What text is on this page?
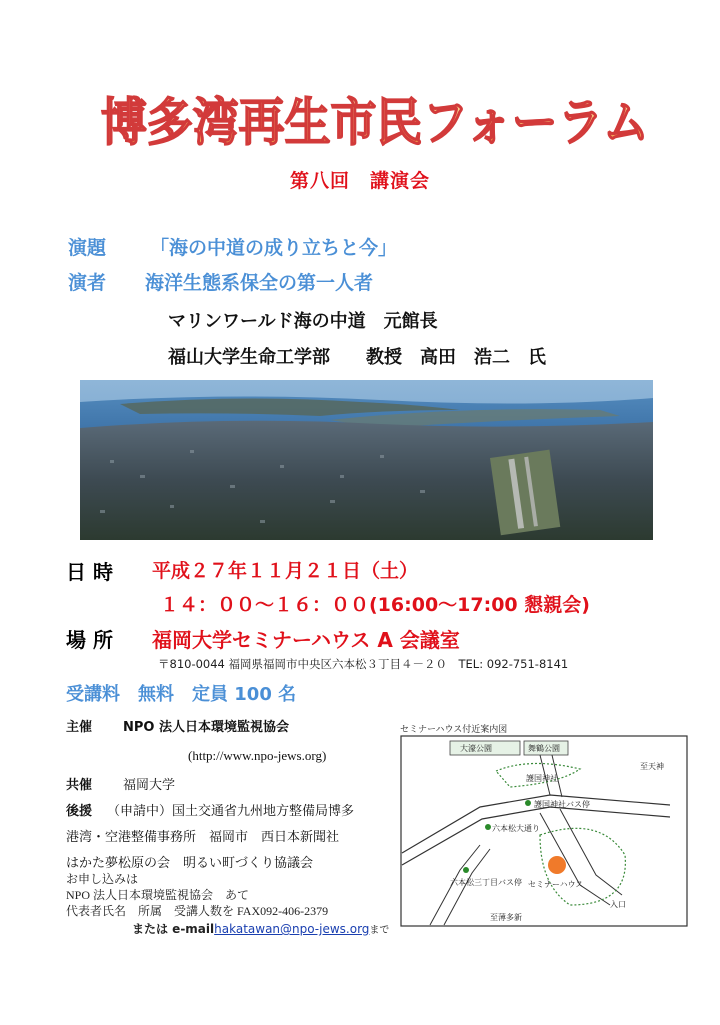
博多湾再生市民フォーラム
第八回　講演会
演題 「海の中道の成り立ちと今」
演者 海洋生態系保全の第一人者
マリンワールド海の中道　元館長
福山大学生命工学部　　教授　高田　浩二　氏
日 時 平成２７年１１月２１日（土）
１４：００～１６：００(16:00～17:00 懇親会)
場 所 福岡大学セミナーハウス A 会議室
〒810-0044 福岡県福岡市中央区六本松３丁目４－２０　TEL: 092-751-8141
受講料　無料　定員 100 名
主催 NPO 法人日本環境監視協会
(http://www.npo-jews.org)
共催 福岡大学
後援 （申請中）国土交通省九州地方整備局博多
港湾・空港整備事務所　福岡市　西日本新聞社
はかた夢松原の会　明るい町づくり協議会
お申し込みは
NPO 法人日本環境監視協会　あて
代表者氏名　所属　受講人数を FAX092-406-2379
または e-mailhakatawan@npo-jews.orgまで
セミナーハウス付近案内図
大濠公園	舞鶴公園
護国神社
護国神社バス停
六本松大通り
六本松三丁目バス停 セミナーハウス
入口
至天神
至薄多新
